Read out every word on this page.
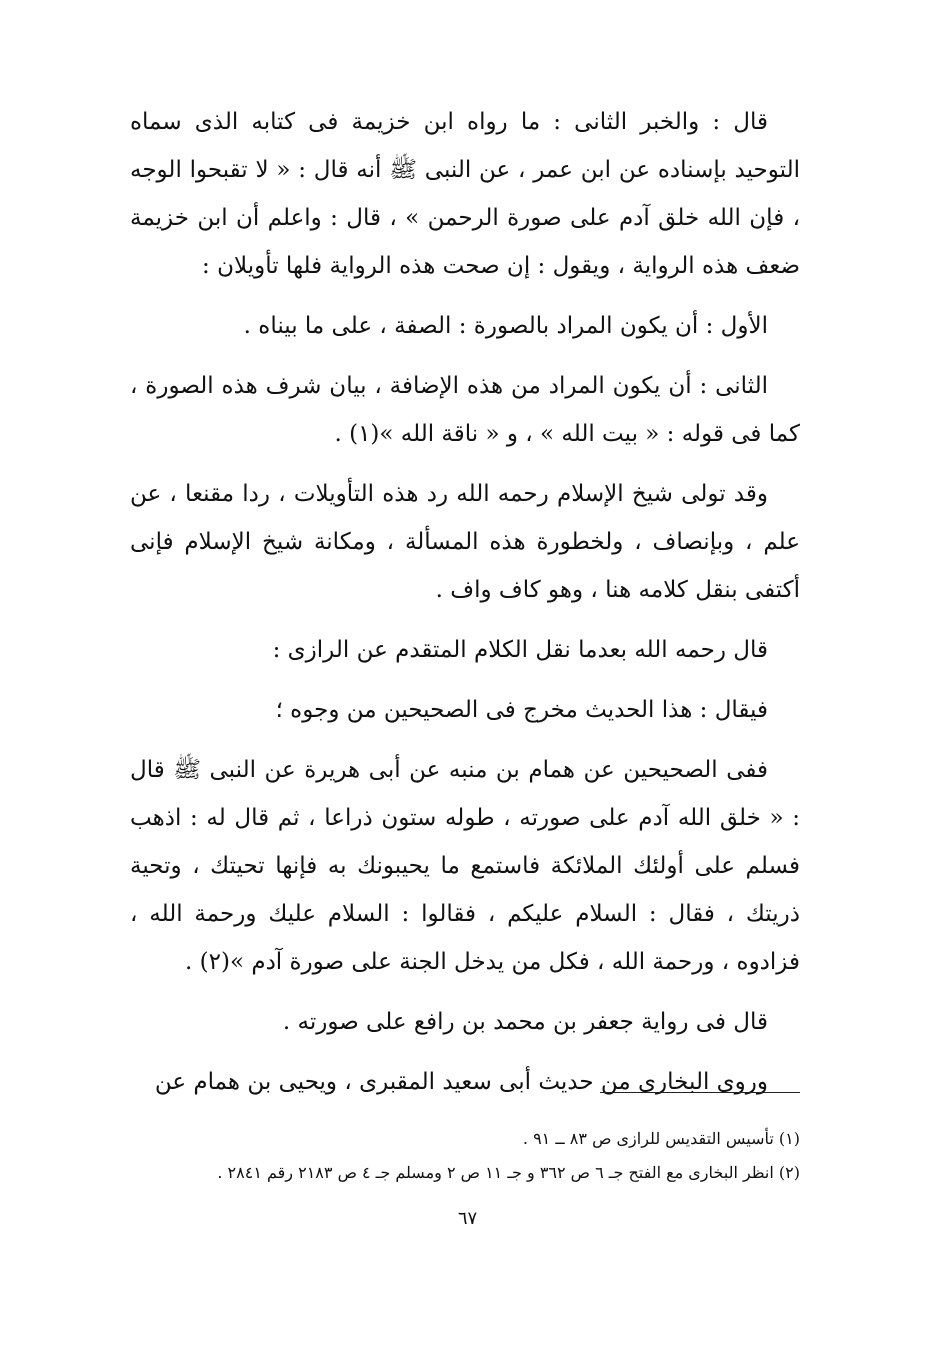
قال : والخبر الثانى : ما رواه ابن خزيمة فى كتابه الذى سماه التوحيد بإسناده عن ابن عمر ، عن النبى ﷺ أنه قال : « لا تقبحوا الوجه ، فإن الله خلق آدم على صورة الرحمن » ، قال : واعلم أن ابن خزيمة ضعف هذه الرواية ، ويقول : إن صحت هذه الرواية فلها تأويلان :

الأول : أن يكون المراد بالصورة : الصفة ، على ما بيناه .

الثانى : أن يكون المراد من هذه الإضافة ، بيان شرف هذه الصورة ، كما فى قوله : « بيت الله » ، و « ناقة الله »(١) .

وقد تولى شيخ الإسلام رحمه الله رد هذه التأويلات ، ردا مقنعا ، عن علم ، وبإنصاف ، ولخطورة هذه المسألة ، ومكانة شيخ الإسلام فإنى أكتفى بنقل كلامه هنا ، وهو كاف واف .

قال رحمه الله بعدما نقل الكلام المتقدم عن الرازى :

فيقال : هذا الحديث مخرج فى الصحيحين من وجوه ؛

ففى الصحيحين عن همام بن منبه عن أبى هريرة عن النبى ﷺ قال : « خلق الله آدم على صورته ، طوله ستون ذراعا ، ثم قال له : اذهب فسلم على أولئك الملائكة فاستمع ما يحيبونك به فإنها تحيتك ، وتحية ذريتك ، فقال : السلام عليكم ، فقالوا : السلام عليك ورحمة الله ، فزادوه ، ورحمة الله ، فكل من يدخل الجنة على صورة آدم »(٢) .

قال فى رواية جعفر بن محمد بن رافع على صورته .

وروى البخارى من حديث أبى سعيد المقبرى ، ويحيى بن همام عن

(١) تأسيس التقديس للرازى ص ٨٣ ــ ٩١ .

(٢) انظر البخارى مع الفتح جـ ٦ ص ٣٦٢ و جـ ١١ ص ٢ ومسلم جـ ٤ ص ٢١٨٣ رقم ٢٨٤١ .

٦٧
